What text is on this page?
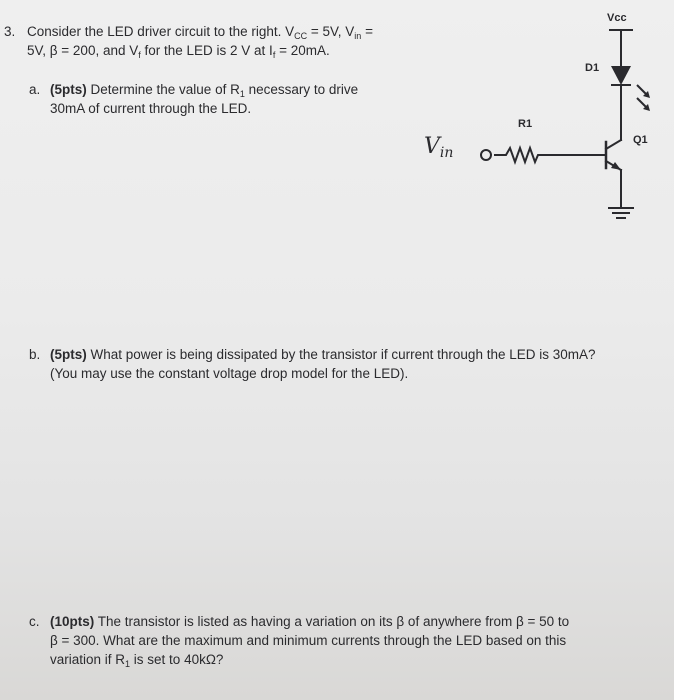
3. Consider the LED driver circuit to the right. $V_{CC} = 5V$, $V_{in}$ =
5V, β = 200, and $V_f$ for the LED is 2 V at $I_f = 20mA$.
a. (5pts) Determine the value of $R_1$ necessary to drive
30mA of current through the LED.
b. (5pts) What power is being dissipated by the transistor if current through the LED is 30mA?
(You may use the constant voltage drop model for the LED).
c. (10pts) The transistor is listed as having a variation on its β of anywhere from β = 50 to
β = 300. What are the maximum and minimum currents through the LED based on this
variation if $R_1$ is set to 40kΩ?
Vcc
D1
R1
Q1
Vin
